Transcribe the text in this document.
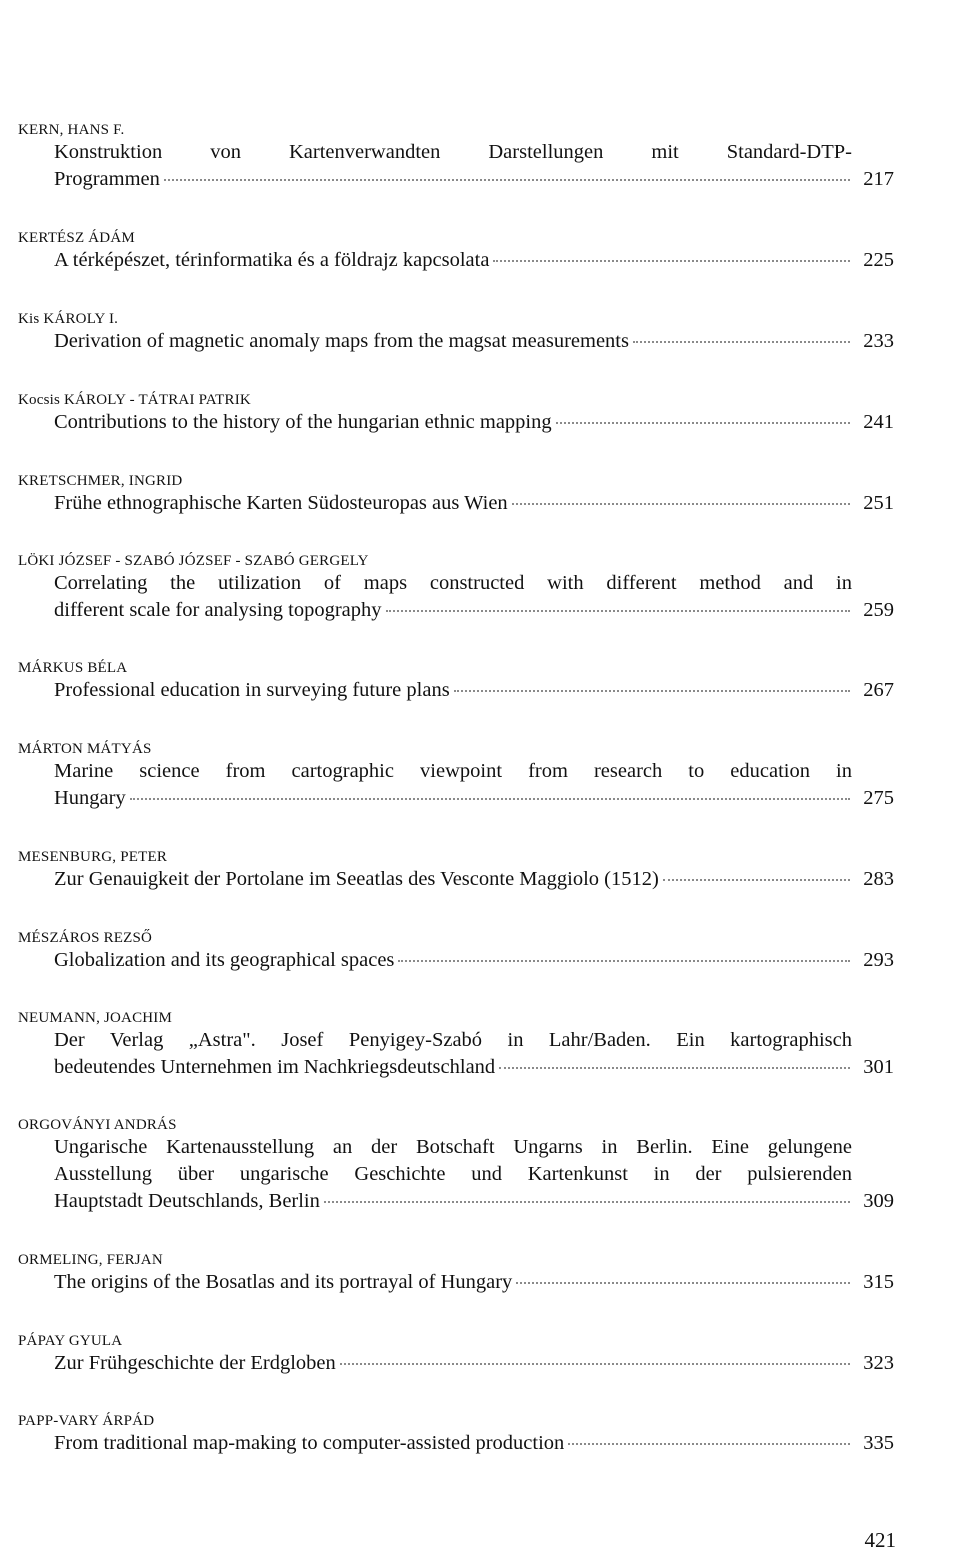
KERN, HANS F.
Konstruktion von Kartenverwandten Darstellungen mit Standard-DTP-
Programmen	217
KERTÉSZ ÁDÁM
A térképészet, térinformatika és a földrajz kapcsolata	225
Kis KÁROLY I.
Derivation of magnetic anomaly maps from the magsat measurements	233
Kocsis KÁROLY - TÁTRAI PATRIK
Contributions to the history of the hungarian ethnic mapping	241
KRETSCHMER, INGRID
Frühe ethnographische Karten Südosteuropas aus Wien	251
LÖKI JÓZSEF - SZABÓ JÓZSEF - SZABÓ GERGELY
Correlating the utilization of maps constructed with different method and in
different scale for analysing topography	259
MÁRKUS BÉLA
Professional education in surveying future plans	267
MÁRTON MÁTYÁS
Marine science from cartographic viewpoint from research to education in
Hungary	275
MESENBURG, PETER
Zur Genauigkeit der Portolane im Seeatlas des Vesconte Maggiolo (1512)	283
MÉSZÁROS REZSŐ
Globalization and its geographical spaces	293
NEUMANN, JOACHIM
Der Verlag „Astra". Josef Penyigey-Szabó in Lahr/Baden. Ein kartographisch
bedeutendes Unternehmen im Nachkriegsdeutschland	301
ORGOVÁNYI ANDRÁS
Ungarische Kartenausstellung an der Botschaft Ungarns in Berlin. Eine gelungene
Ausstellung über ungarische Geschichte und Kartenkunst in der pulsierenden
Hauptstadt Deutschlands, Berlin	309
ORMELING, FERJAN
The origins of the Bosatlas and its portrayal of Hungary	315
PÁPAY GYULA
Zur Frühgeschichte der Erdgloben	323
PAPP-VARY ÁRPÁD
From traditional map-making to computer-assisted production	335
421
